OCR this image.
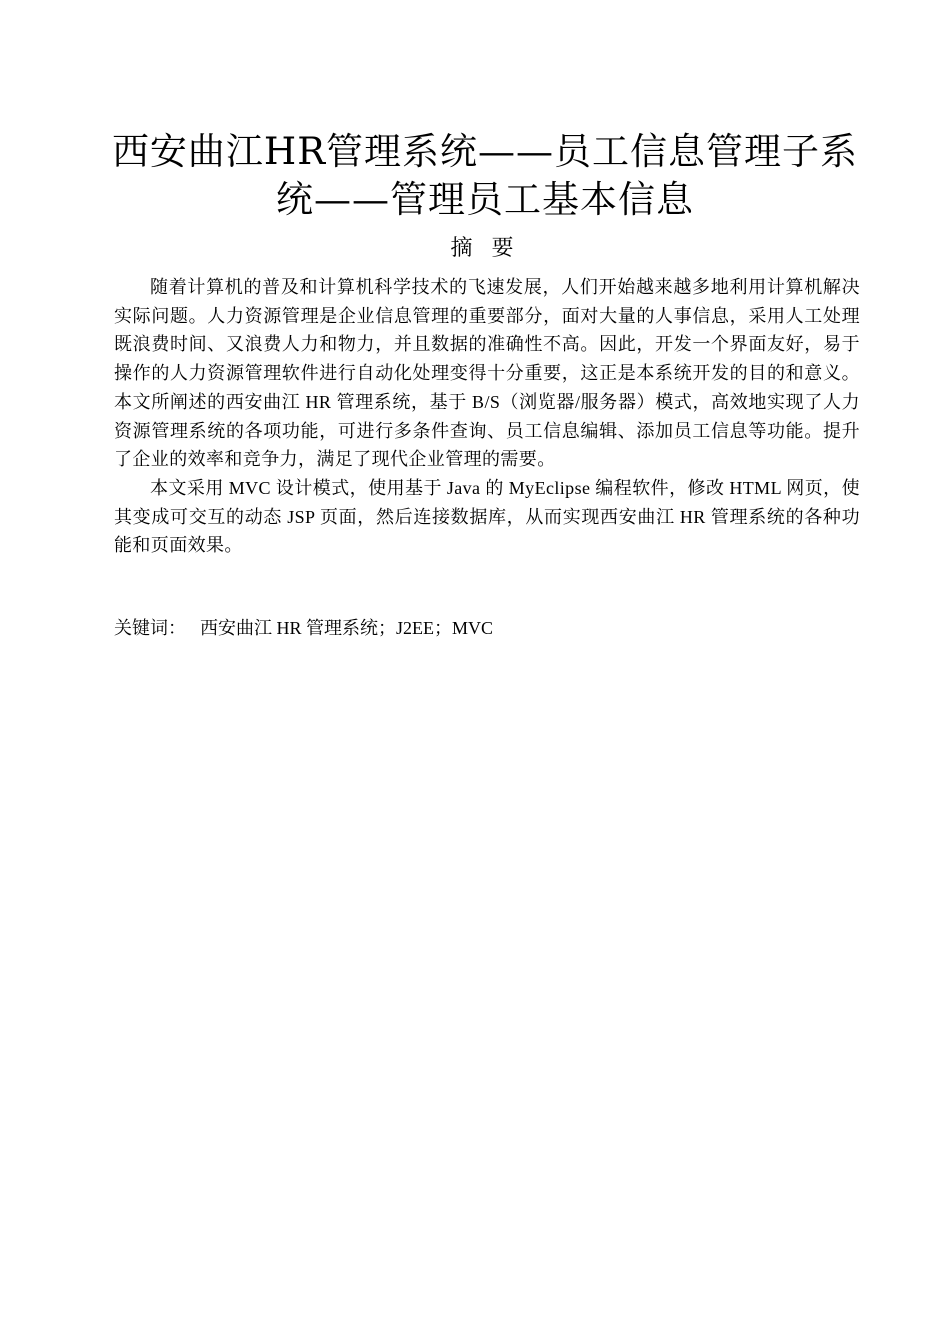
西安曲江HR管理系统——员工信息管理子系统——管理员工基本信息
摘 要

随着计算机的普及和计算机科学技术的飞速发展，人们开始越来越多地利用计算机解决实际问题。人力资源管理是企业信息管理的重要部分，面对大量的人事信息，采用人工处理既浪费时间、又浪费人力和物力，并且数据的准确性不高。因此，开发一个界面友好，易于操作的人力资源管理软件进行自动化处理变得十分重要，这正是本系统开发的目的和意义。本文所阐述的西安曲江 HR 管理系统，基于 B/S（浏览器/服务器）模式，高效地实现了人力资源管理系统的各项功能，可进行多条件查询、员工信息编辑、添加员工信息等功能。提升了企业的效率和竞争力，满足了现代企业管理的需要。

本文采用 MVC 设计模式，使用基于 Java 的 MyEclipse 编程软件，修改 HTML 网页，使其变成可交互的动态 JSP 页面，然后连接数据库，从而实现西安曲江 HR 管理系统的各种功能和页面效果。

关键词： 西安曲江 HR 管理系统；J2EE；MVC
